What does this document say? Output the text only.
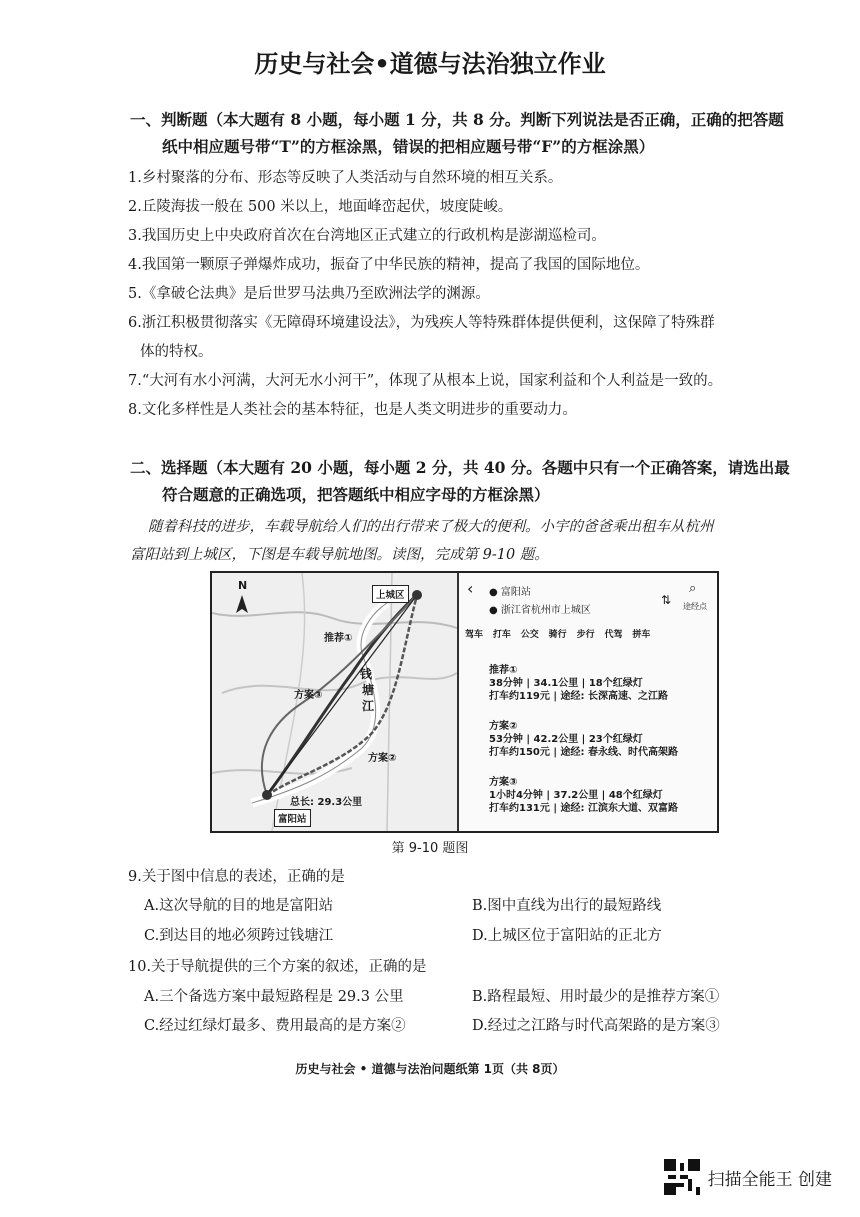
历史与社会•道德与法治独立作业
一、判断题（本大题有 8 小题，每小题 1 分，共 8 分。判断下列说法是否正确，正确的把答题
纸中相应题号带“T”的方框涂黑，错误的把相应题号带“F”的方框涂黑）
1.乡村聚落的分布、形态等反映了人类活动与自然环境的相互关系。
2.丘陵海拔一般在 500 米以上，地面峰峦起伏，坡度陡峻。
3.我国历史上中央政府首次在台湾地区正式建立的行政机构是澎湖巡检司。
4.我国第一颗原子弹爆炸成功，振奋了中华民族的精神，提高了我国的国际地位。
5.《拿破仑法典》是后世罗马法典乃至欧洲法学的渊源。
6.浙江积极贯彻落实《无障碍环境建设法》，为残疾人等特殊群体提供便利，这保障了特殊群
体的特权。
7.“大河有水小河满，大河无水小河干”，体现了从根本上说，国家利益和个人利益是一致的。
8.文化多样性是人类社会的基本特征，也是人类文明进步的重要动力。
二、选择题（本大题有 20 小题，每小题 2 分，共 40 分。各题中只有一个正确答案，请选出最
符合题意的正确选项，把答题纸中相应字母的方框涂黑）
随着科技的进步，车载导航给人们的出行带来了极大的便利。小宇的爸爸乘出租车从杭州
富阳站到上城区，下图是车载导航地图。读图，完成第 9-10 题。
N
上城区
推荐①
方案③
方案②
钱
塘
江
总长: 29.3公里
富阳站
‹ ● 富阳站
● 浙江省杭州市上城区
⇅
⌕
途经点
驾车 打车 公交 骑行 步行 代驾 拼车
推荐①
38分钟 | 34.1公里 | 18个红绿灯
打车约119元 | 途经: 长深高速、之江路
方案②
53分钟 | 42.2公里 | 23个红绿灯
打车约150元 | 途经: 春永线、时代高架路
方案③
1小时4分钟 | 37.2公里 | 48个红绿灯
打车约131元 | 途经: 江滨东大道、双富路
第 9-10 题图
9.关于图中信息的表述，正确的是
A.这次导航的目的地是富阳站	B.图中直线为出行的最短路线
C.到达目的地必须跨过钱塘江	D.上城区位于富阳站的正北方
10.关于导航提供的三个方案的叙述，正确的是
A.三个备选方案中最短路程是 29.3 公里	B.路程最短、用时最少的是推荐方案①
C.经过红绿灯最多、费用最高的是方案②	D.经过之江路与时代高架路的是方案③
历史与社会 • 道德与法治问题纸第 1页（共 8页）
扫描全能王 创建
